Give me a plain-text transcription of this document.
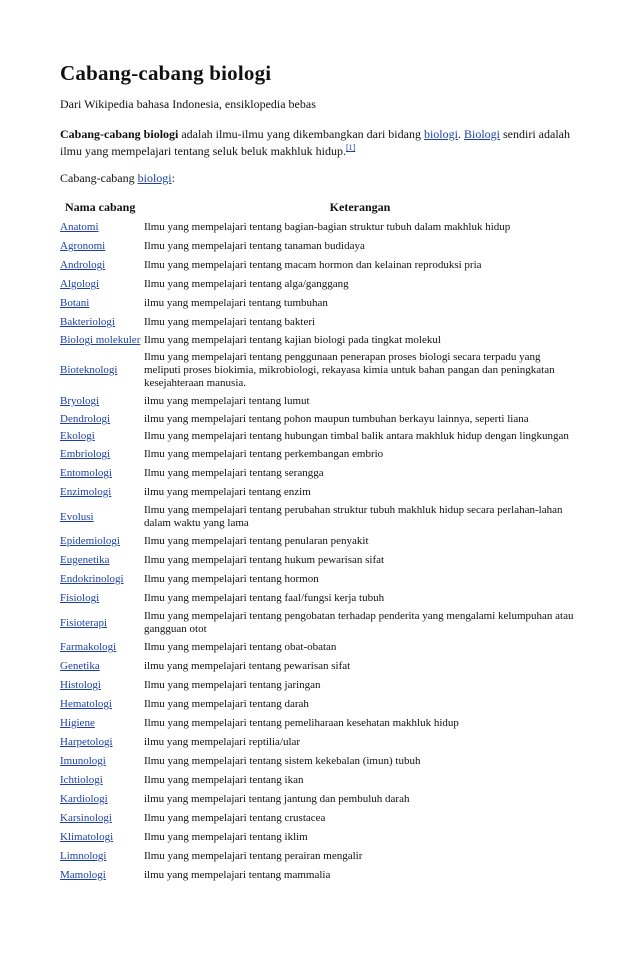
Cabang-cabang biologi
Dari Wikipedia bahasa Indonesia, ensiklopedia bebas
Cabang-cabang biologi adalah ilmu-ilmu yang dikembangkan dari bidang biologi. Biologi sendiri adalah ilmu yang mempelajari tentang seluk beluk makhluk hidup.[1]
Cabang-cabang biologi:
Nama cabang	Keterangan
Anatomi	Ilmu yang mempelajari tentang bagian-bagian struktur tubuh dalam makhluk hidup
Agronomi	Ilmu yang mempelajari tentang tanaman budidaya
Andrologi	Ilmu yang mempelajari tentang macam hormon dan kelainan reproduksi pria
Algologi	Ilmu yang mempelajari tentang alga/ganggang
Botani	ilmu yang mempelajari tentang tumbuhan
Bakteriologi	Ilmu yang mempelajari tentang bakteri
Biologi molekuler	Ilmu yang mempelajari tentang kajian biologi pada tingkat molekul
Bioteknologi	Ilmu yang mempelajari tentang penggunaan penerapan proses biologi secara terpadu yang meliputi proses biokimia, mikrobiologi, rekayasa kimia untuk bahan pangan dan peningkatan kesejahteraan manusia.
Bryologi	ilmu yang mempelajari tentang lumut
Dendrologi	ilmu yang mempelajari tentang pohon maupun tumbuhan berkayu lainnya, seperti liana
Ekologi	Ilmu yang mempelajari tentang hubungan timbal balik antara makhluk hidup dengan lingkungan
Embriologi	Ilmu yang mempelajari tentang perkembangan embrio
Entomologi	Ilmu yang mempelajari tentang serangga
Enzimologi	ilmu yang mempelajari tentang enzim
Evolusi	Ilmu yang mempelajari tentang perubahan struktur tubuh makhluk hidup secara perlahan-lahan dalam waktu yang lama
Epidemiologi	Ilmu yang mempelajari tentang penularan penyakit
Eugenetika	Ilmu yang mempelajari tentang hukum pewarisan sifat
Endokrinologi	Ilmu yang mempelajari tentang hormon
Fisiologi	Ilmu yang mempelajari tentang faal/fungsi kerja tubuh
Fisioterapi	Ilmu yang mempelajari tentang pengobatan terhadap penderita yang mengalami kelumpuhan atau gangguan otot
Farmakologi	Ilmu yang mempelajari tentang obat-obatan
Genetika	ilmu yang mempelajari tentang pewarisan sifat
Histologi	Ilmu yang mempelajari tentang jaringan
Hematologi	Ilmu yang mempelajari tentang darah
Higiene	Ilmu yang mempelajari tentang pemeliharaan kesehatan makhluk hidup
Harpetologi	ilmu yang mempelajari reptilia/ular
Imunologi	Ilmu yang mempelajari tentang sistem kekebalan (imun) tubuh
Ichtiologi	Ilmu yang mempelajari tentang ikan
Kardiologi	ilmu yang mempelajari tentang jantung dan pembuluh darah
Karsinologi	Ilmu yang mempelajari tentang crustacea
Klimatologi	Ilmu yang mempelajari tentang iklim
Limnologi	Ilmu yang mempelajari tentang perairan mengalir
Mamologi	ilmu yang mempelajari tentang mammalia
